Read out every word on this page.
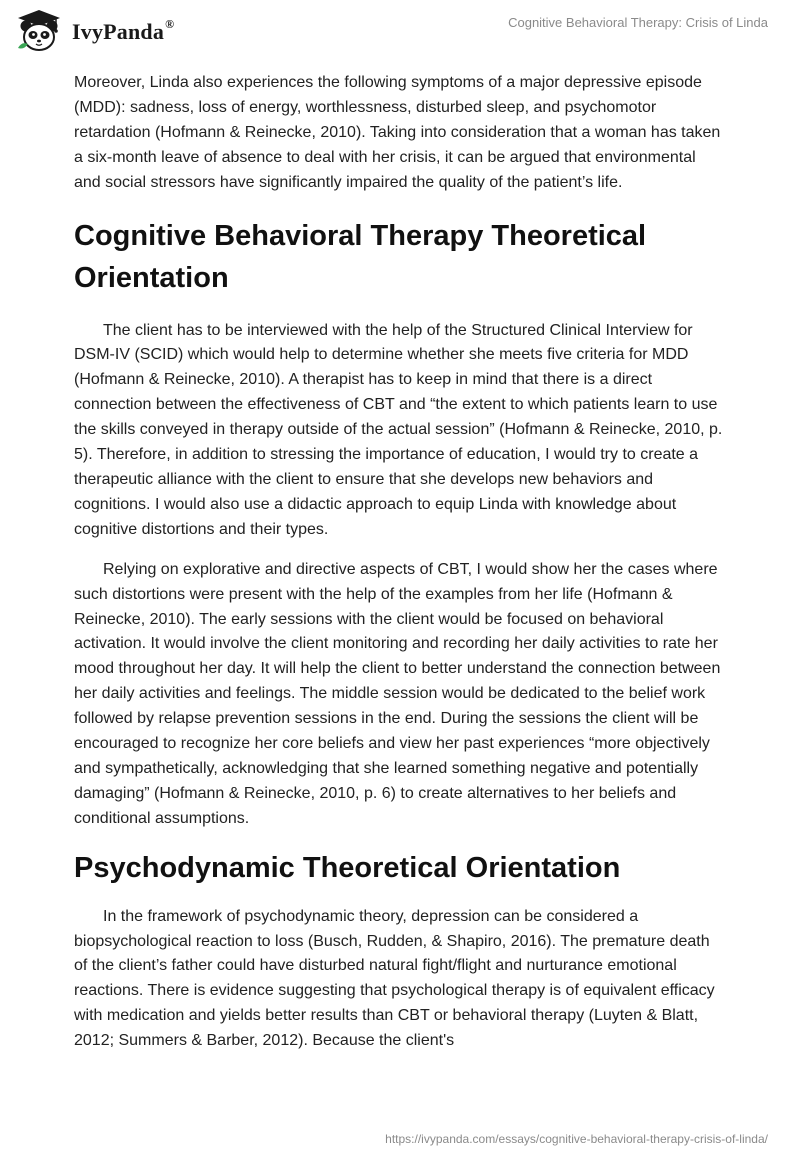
IvyPanda®	Cognitive Behavioral Therapy: Crisis of Linda

Moreover, Linda also experiences the following symptoms of a major depressive episode (MDD): sadness, loss of energy, worthlessness, disturbed sleep, and psychomotor retardation (Hofmann & Reinecke, 2010). Taking into consideration that a woman has taken a six-month leave of absence to deal with her crisis, it can be argued that environmental and social stressors have significantly impaired the quality of the patient’s life.

Cognitive Behavioral Therapy Theoretical Orientation

The client has to be interviewed with the help of the Structured Clinical Interview for DSM-IV (SCID) which would help to determine whether she meets five criteria for MDD (Hofmann & Reinecke, 2010). A therapist has to keep in mind that there is a direct connection between the effectiveness of CBT and “the extent to which patients learn to use the skills conveyed in therapy outside of the actual session” (Hofmann & Reinecke, 2010, p. 5). Therefore, in addition to stressing the importance of education, I would try to create a therapeutic alliance with the client to ensure that she develops new behaviors and cognitions. I would also use a didactic approach to equip Linda with knowledge about cognitive distortions and their types.

Relying on explorative and directive aspects of CBT, I would show her the cases where such distortions were present with the help of the examples from her life (Hofmann & Reinecke, 2010). The early sessions with the client would be focused on behavioral activation. It would involve the client monitoring and recording her daily activities to rate her mood throughout her day. It will help the client to better understand the connection between her daily activities and feelings. The middle session would be dedicated to the belief work followed by relapse prevention sessions in the end. During the sessions the client will be encouraged to recognize her core beliefs and view her past experiences “more objectively and sympathetically, acknowledging that she learned something negative and potentially damaging” (Hofmann & Reinecke, 2010, p. 6) to create alternatives to her beliefs and conditional assumptions.

Psychodynamic Theoretical Orientation

In the framework of psychodynamic theory, depression can be considered a biopsychological reaction to loss (Busch, Rudden, & Shapiro, 2016). The premature death of the client’s father could have disturbed natural fight/flight and nurturance emotional reactions. There is evidence suggesting that psychological therapy is of equivalent efficacy with medication and yields better results than CBT or behavioral therapy (Luyten & Blatt, 2012; Summers & Barber, 2012). Because the client's

https://ivypanda.com/essays/cognitive-behavioral-therapy-crisis-of-linda/
